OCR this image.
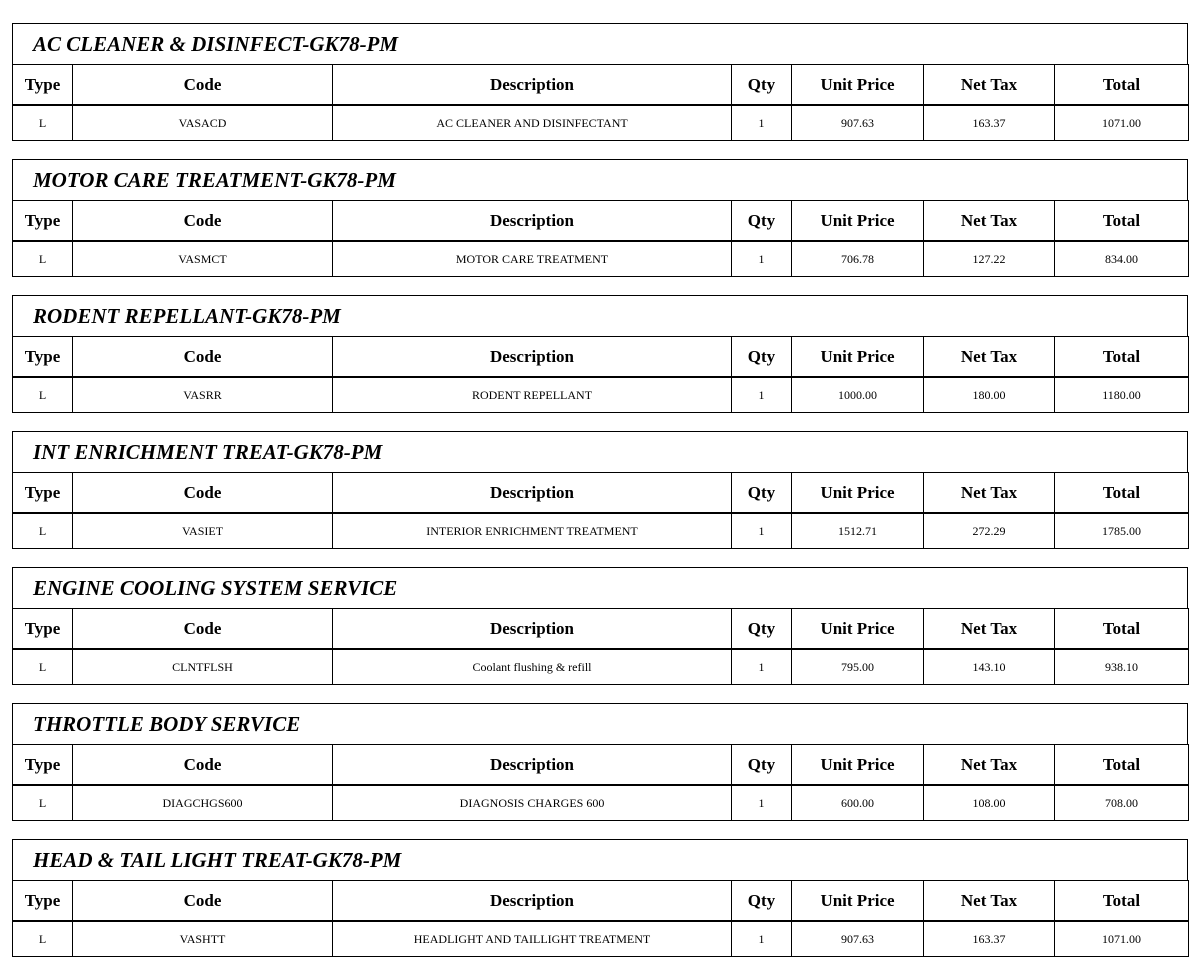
AC CLEANER & DISINFECT-GK78-PM
Type	Code	Description	Qty	Unit Price	Net Tax	Total
L	VASACD	AC CLEANER AND DISINFECTANT	1	907.63	163.37	1071.00
MOTOR CARE TREATMENT-GK78-PM
Type	Code	Description	Qty	Unit Price	Net Tax	Total
L	VASMCT	MOTOR CARE TREATMENT	1	706.78	127.22	834.00
RODENT REPELLANT-GK78-PM
Type	Code	Description	Qty	Unit Price	Net Tax	Total
L	VASRR	RODENT REPELLANT	1	1000.00	180.00	1180.00
INT ENRICHMENT TREAT-GK78-PM
Type	Code	Description	Qty	Unit Price	Net Tax	Total
L	VASIET	INTERIOR ENRICHMENT TREATMENT	1	1512.71	272.29	1785.00
ENGINE COOLING SYSTEM SERVICE
Type	Code	Description	Qty	Unit Price	Net Tax	Total
L	CLNTFLSH	Coolant flushing & refill	1	795.00	143.10	938.10
THROTTLE BODY SERVICE
Type	Code	Description	Qty	Unit Price	Net Tax	Total
L	DIAGCHGS600	DIAGNOSIS CHARGES 600	1	600.00	108.00	708.00
HEAD & TAIL LIGHT TREAT-GK78-PM
Type	Code	Description	Qty	Unit Price	Net Tax	Total
L	VASHTT	HEADLIGHT AND TAILLIGHT TREATMENT	1	907.63	163.37	1071.00
